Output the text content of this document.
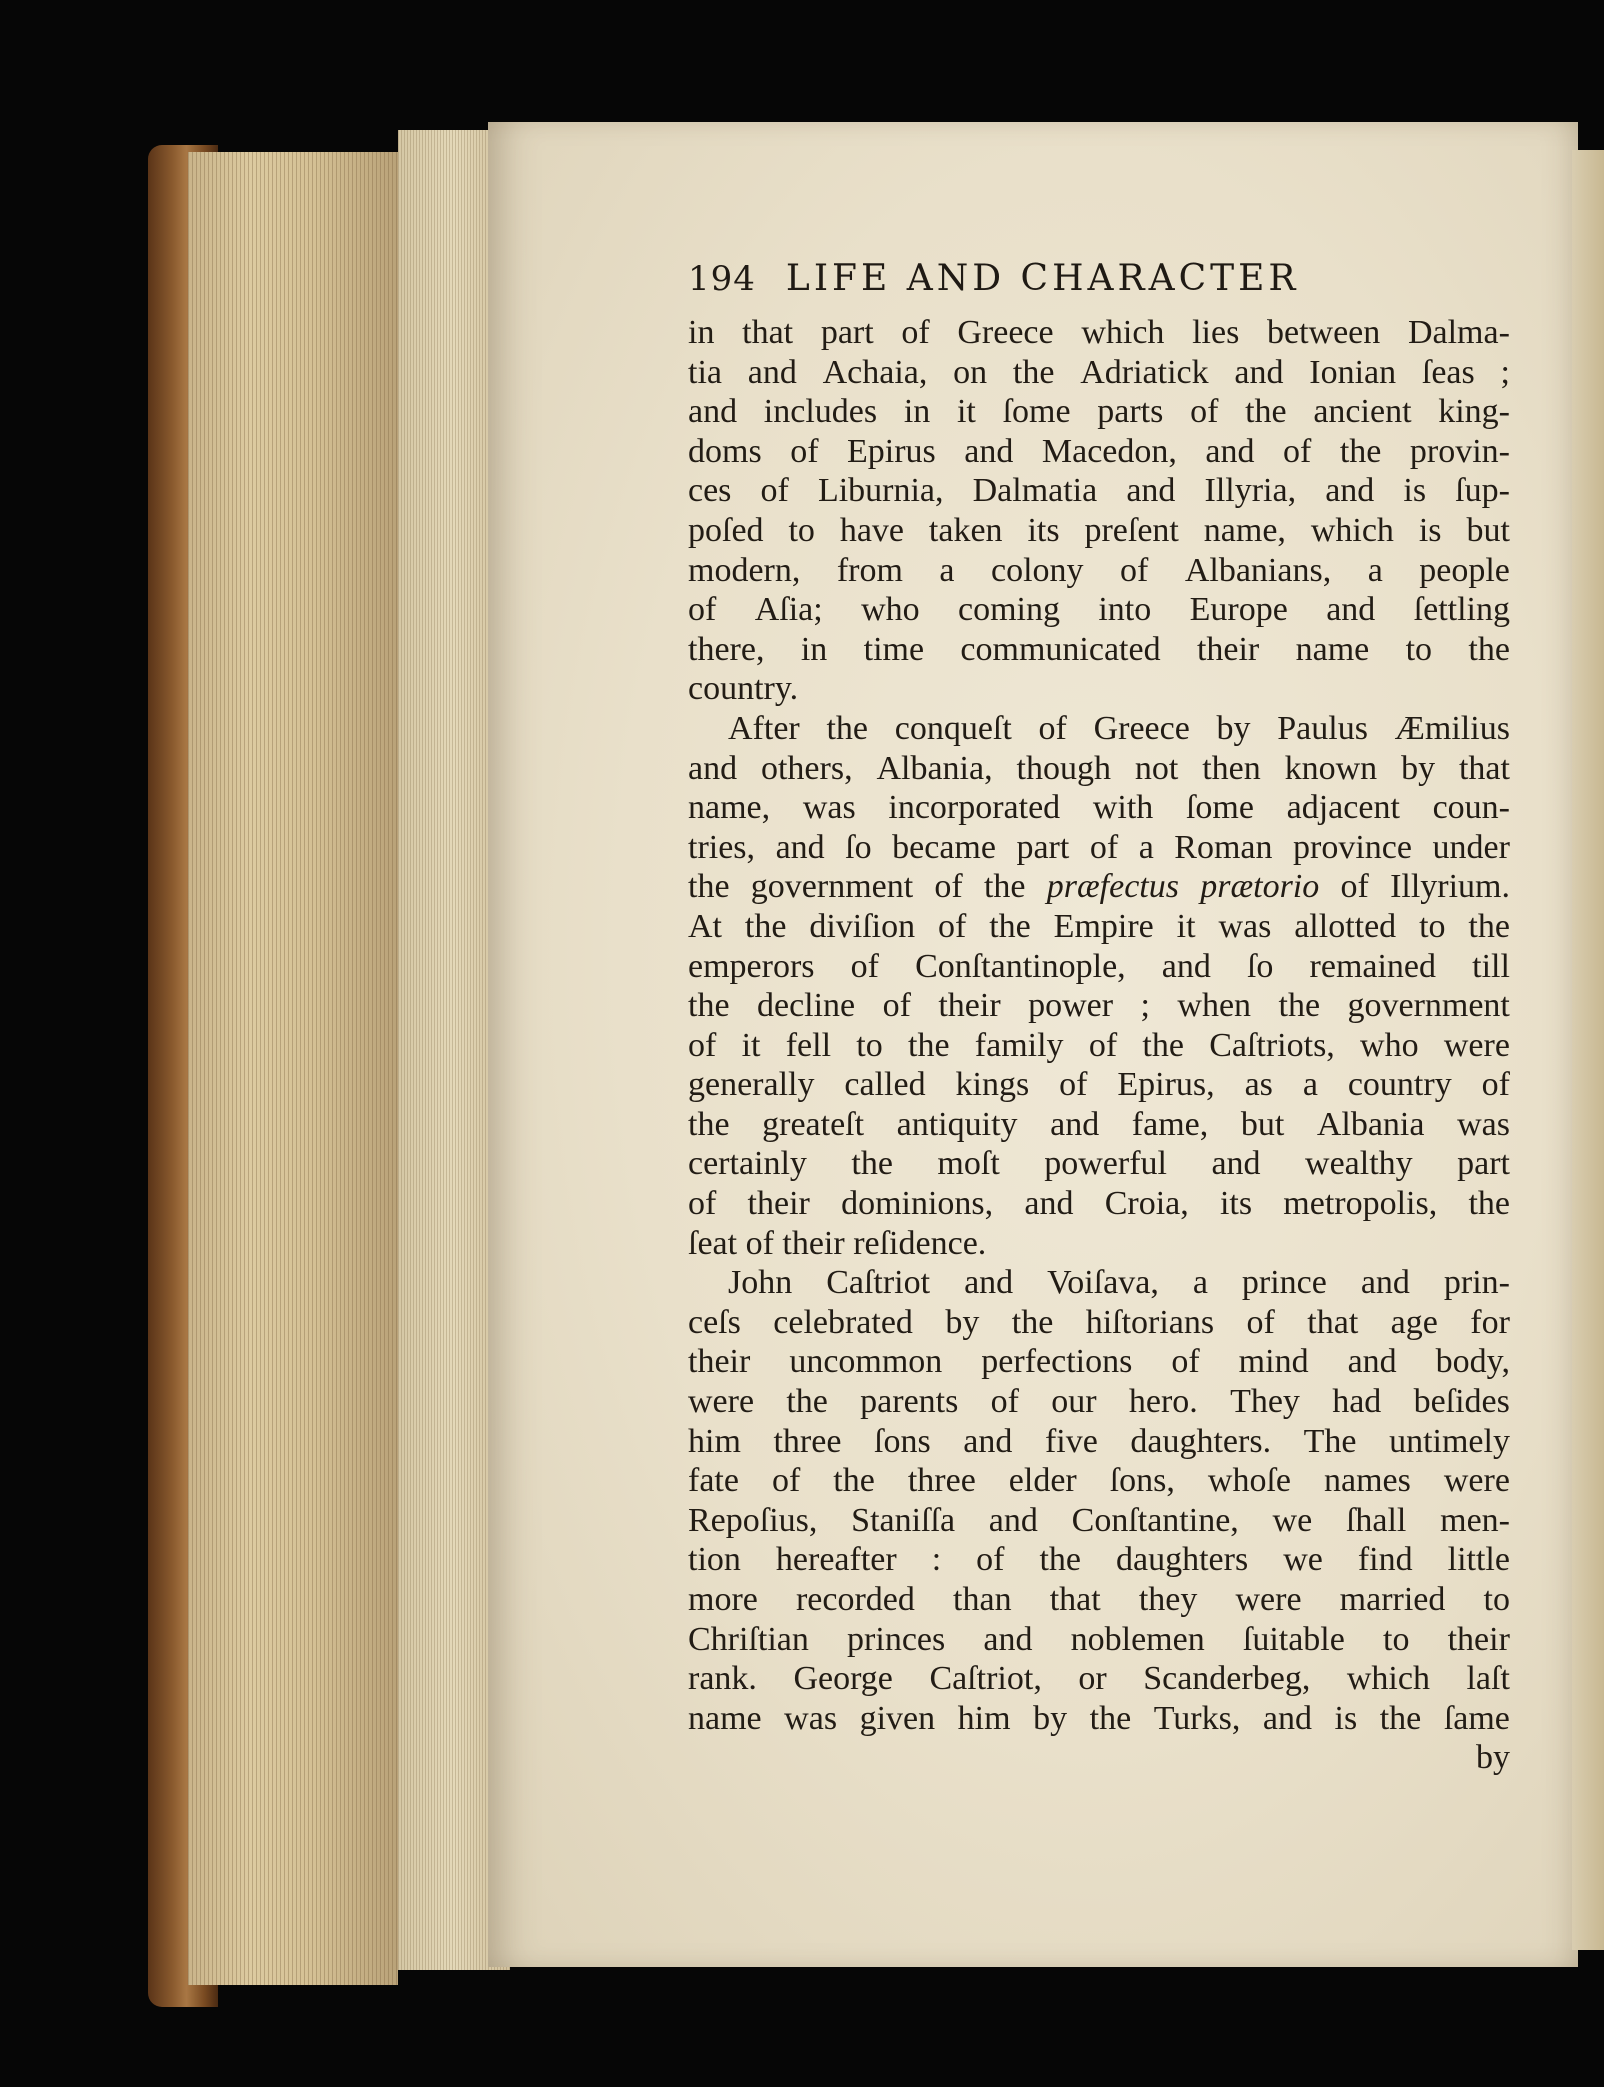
194 LIFE AND CHARACTER
in that part of Greece which lies between Dalma-
tia and Achaia, on the Adriatick and Ionian ſeas ;
and includes in it ſome parts of the ancient king-
doms of Epirus and Macedon, and of the provin-
ces of Liburnia, Dalmatia and Illyria, and is ſup-
poſed to have taken its preſent name, which is but
modern, from a colony of Albanians, a people
of Aſia; who coming into Europe and ſettling
there, in time communicated their name to the
country.
After the conqueſt of Greece by Paulus Æmilius
and others, Albania, though not then known by that
name, was incorporated with ſome adjacent coun-
tries, and ſo became part of a Roman province under
the government of the præfectus prætorio of Illyrium.
At the diviſion of the Empire it was allotted to the
emperors of Conſtantinople, and ſo remained till
the decline of their power ; when the government
of it fell to the family of the Caſtriots, who were
generally called kings of Epirus, as a country of
the greateſt antiquity and fame, but Albania was
certainly the moſt powerful and wealthy part
of their dominions, and Croia, its metropolis, the
ſeat of their reſidence.
John Caſtriot and Voiſava, a prince and prin-
ceſs celebrated by the hiſtorians of that age for
their uncommon perfections of mind and body,
were the parents of our hero. They had beſides
him three ſons and five daughters. The untimely
fate of the three elder ſons, whoſe names were
Repoſius, Staniſſa and Conſtantine, we ſhall men-
tion hereafter : of the daughters we find little
more recorded than that they were married to
Chriſtian princes and noblemen ſuitable to their
rank. George Caſtriot, or Scanderbeg, which laſt
name was given him by the Turks, and is the ſame
by
